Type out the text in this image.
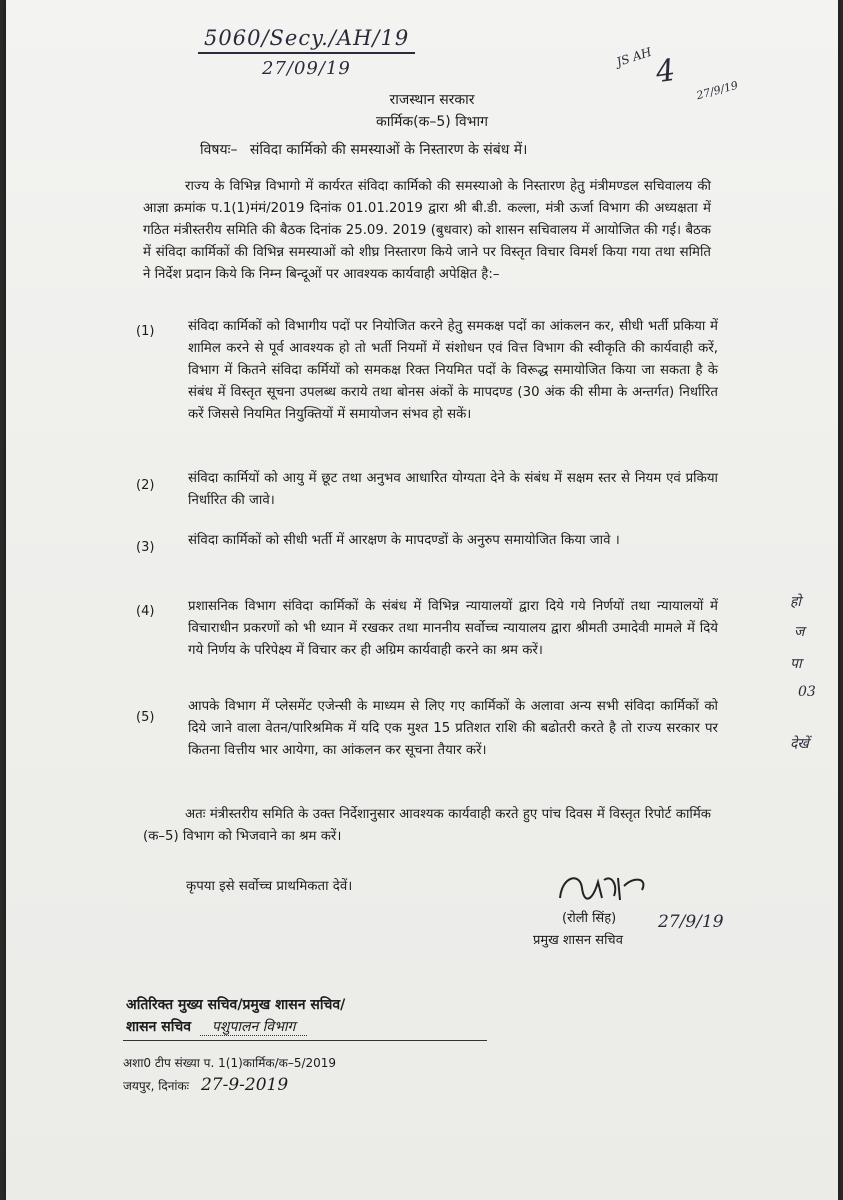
5060/Secy./AH/19
27/09/19	JS AH 4
27/9/19
राजस्थान सरकार
कार्मिक(क–5) विभाग
विषयः– संविदा कार्मिको की समस्याओं के निस्तारण के संबंध में।
राज्य के विभिन्न विभागो में कार्यरत संविदा कार्मिको की समस्याओ के निस्तारण हेतु मंत्रीमण्डल सचिवालय की आज्ञा क्रमांक प.1(1)मंमं/2019 दिनांक 01.01.2019 द्वारा श्री बी.डी. कल्ला, मंत्री ऊर्जा विभाग की अध्यक्षता में गठित मंत्रीस्तरीय समिति की बैठक दिनांक 25.09. 2019 (बुधवार) को शासन सचिवालय में आयोजित की गई। बैठक में संविदा कार्मिकों की विभिन्न समस्याओं को शीघ्र निस्तारण किये जाने पर विस्तृत विचार विमर्श किया गया तथा समिति ने निर्देश प्रदान किये कि निम्न बिन्दूओं पर आवश्यक कार्यवाही अपेक्षित है:–
(1)	संविदा कार्मिकों को विभागीय पदों पर नियोजित करने हेतु समकक्ष पदों का आंकलन कर, सीधी भर्ती प्रकिया में शामिल करने से पूर्व आवश्यक हो तो भर्ती नियमों में संशोधन एवं वित्त विभाग की स्वीकृति की कार्यवाही करें, विभाग में कितने संविदा कर्मियों को समकक्ष रिक्त नियमित पदों के विरूद्ध समायोजित किया जा सकता है के संबंध में विस्तृत सूचना उपलब्ध कराये तथा बोनस अंकों के मापदण्ड (30 अंक की सीमा के अन्तर्गत) निर्धारित करें जिससे नियमित नियुक्तियों में समायोजन संभव हो सकें।
(2)	संविदा कार्मियों को आयु में छूट तथा अनुभव आधारित योग्यता देने के संबंध में सक्षम स्तर से नियम एवं प्रकिया निर्धारित की जावे।
(3)	संविदा कार्मिकों को सीधी भर्ती में आरक्षण के मापदण्डों के अनुरुप समायोजित किया जावे ।
(4)	प्रशासनिक विभाग संविदा कार्मिकों के संबंध में विभिन्न न्यायालयों द्वारा दिये गये निर्णयों तथा न्यायालयों में विचाराधीन प्रकरणों को भी ध्यान में रखकर तथा माननीय सर्वोच्च न्यायालय द्वारा श्रीमती उमादेवी मामले में दिये गये निर्णय के परिपेक्ष्य में विचार कर ही अग्रिम कार्यवाही करने का श्रम करें।
(5)
आपके विभाग में प्लेसमेंट एजेन्सी के माध्यम से लिए गए कार्मिकों के अलावा अन्य सभी संविदा कार्मिकों को दिये जाने वाला वेतन/पारिश्रमिक में यदि एक मुश्त 15 प्रतिशत राशि की बढोतरी करते है तो राज्य सरकार पर कितना वित्तीय भार आयेगा, का आंकलन कर सूचना तैयार करें।
हो
ज
पा
03
देखें
अतः मंत्रीस्तरीय समिति के उक्त निर्देशानुसार आवश्यक कार्यवाही करते हुए पांच दिवस में विस्तृत रिपोर्ट कार्मिक (क–5) विभाग को भिजवाने का श्रम करें।
कृपया इसे सर्वोच्च प्राथमिकता देवें।
(रोली सिंह)
प्रमुख शासन सचिव
27/9/19
अतिरिक्त मुख्य सचिव/प्रमुख शासन सचिव/
शासन सचिव पशुपालन विभाग
अशा0 टीप संख्या प. 1(1)कार्मिक/क–5/2019
जयपुर, दिनांकः 27-9-2019
